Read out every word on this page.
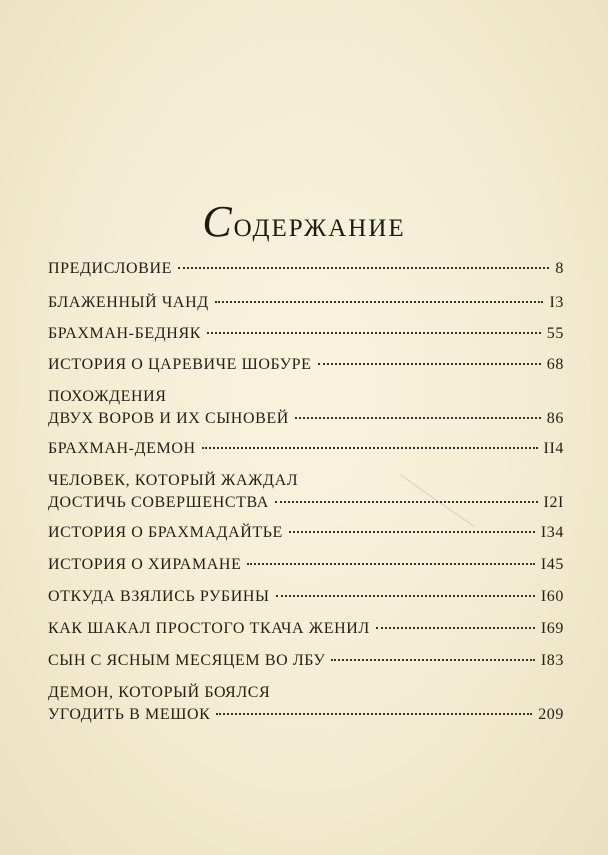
Содержание
ПРЕДИСЛОВИЕ	8
БЛАЖЕННЫЙ ЧАНД	I3
БРАХМАН-БЕДНЯК	55
ИСТОРИЯ О ЦАРЕВИЧЕ ШОБУРЕ	68
ПОХОЖДЕНИЯ
ДВУХ ВОРОВ И ИХ СЫНОВЕЙ	86
БРАХМАН-ДЕМОН	II4
ЧЕЛОВЕК, КОТОРЫЙ ЖАЖДАЛ
ДОСТИЧЬ СОВЕРШЕНСТВА	I2I
ИСТОРИЯ О БРАХМАДАЙТЬЕ	I34
ИСТОРИЯ О ХИРАМАНЕ	I45
ОТКУДА ВЗЯЛИСЬ РУБИНЫ	I60
КАК ШАКАЛ ПРОСТОГО ТКАЧА ЖЕНИЛ	I69
СЫН С ЯСНЫМ МЕСЯЦЕМ ВО ЛБУ	I83
ДЕМОН, КОТОРЫЙ БОЯЛСЯ
УГОДИТЬ В МЕШОК	209
